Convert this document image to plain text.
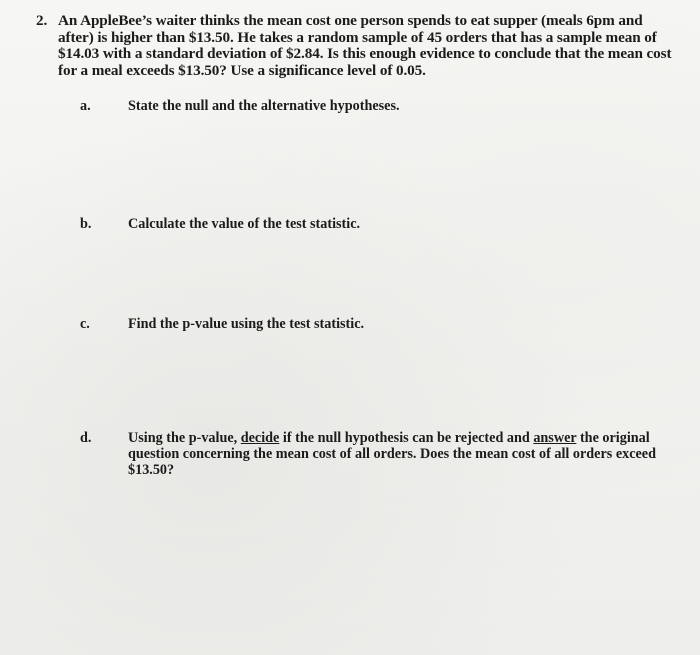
2. An AppleBee’s waiter thinks the mean cost one person spends to eat supper (meals 6pm and after) is higher than $13.50. He takes a random sample of 45 orders that has a sample mean of $14.03 with a standard deviation of $2.84. Is this enough evidence to conclude that the mean cost for a meal exceeds $13.50? Use a significance level of 0.05.
a.	State the null and the alternative hypotheses.
b.	Calculate the value of the test statistic.
c.	Find the p-value using the test statistic.
d.	Using the p-value, decide if the null hypothesis can be rejected and answer the original question concerning the mean cost of all orders. Does the mean cost of all orders exceed $13.50?
